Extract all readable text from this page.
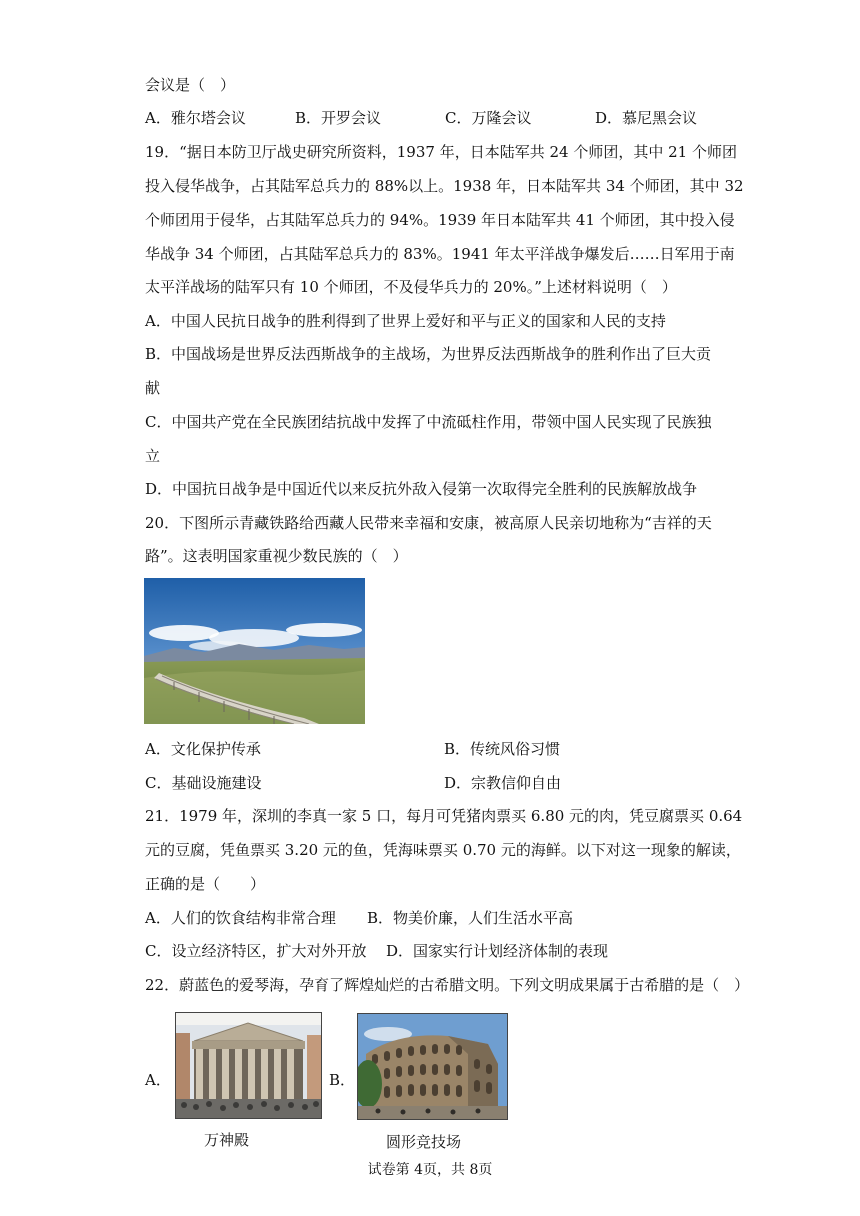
会议是（　）
A．雅尔塔会议	B．开罗会议	C．万隆会议	D．慕尼黑会议
19．“据日本防卫厅战史研究所资料，1937 年，日本陆军共 24 个师团，其中 21 个师团
投入侵华战争，占其陆军总兵力的 88%以上。1938 年，日本陆军共 34 个师团，其中 32
个师团用于侵华，占其陆军总兵力的 94%。1939 年日本陆军共 41 个师团，其中投入侵
华战争 34 个师团，占其陆军总兵力的 83%。1941 年太平洋战争爆发后……日军用于南
太平洋战场的陆军只有 10 个师团，不及侵华兵力的 20%。”上述材料说明（　）
A．中国人民抗日战争的胜利得到了世界上爱好和平与正义的国家和人民的支持
B．中国战场是世界反法西斯战争的主战场，为世界反法西斯战争的胜利作出了巨大贡
献
C．中国共产党在全民族团结抗战中发挥了中流砥柱作用，带领中国人民实现了民族独
立
D．中国抗日战争是中国近代以来反抗外敌入侵第一次取得完全胜利的民族解放战争
20．下图所示青藏铁路给西藏人民带来幸福和安康，被高原人民亲切地称为“吉祥的天
路”。这表明国家重视少数民族的（　）
A．文化保护传承	B．传统风俗习惯
C．基础设施建设	D．宗教信仰自由
21．1979 年，深圳的李真一家 5 口，每月可凭猪肉票买 6.80 元的肉，凭豆腐票买 0.64
元的豆腐，凭鱼票买 3.20 元的鱼，凭海味票买 0.70 元的海鲜。以下对这一现象的解读，
正确的是（　　）
A．人们的饮食结构非常合理 B．物美价廉，人们生活水平高
C．设立经济特区，扩大对外开放 D．国家实行计划经济体制的表现
22．蔚蓝色的爱琴海，孕育了辉煌灿烂的古希腊文明。下列文明成果属于古希腊的是（　）
A．	B．
万神殿	圆形竞技场
试卷第 4页，共 8页
